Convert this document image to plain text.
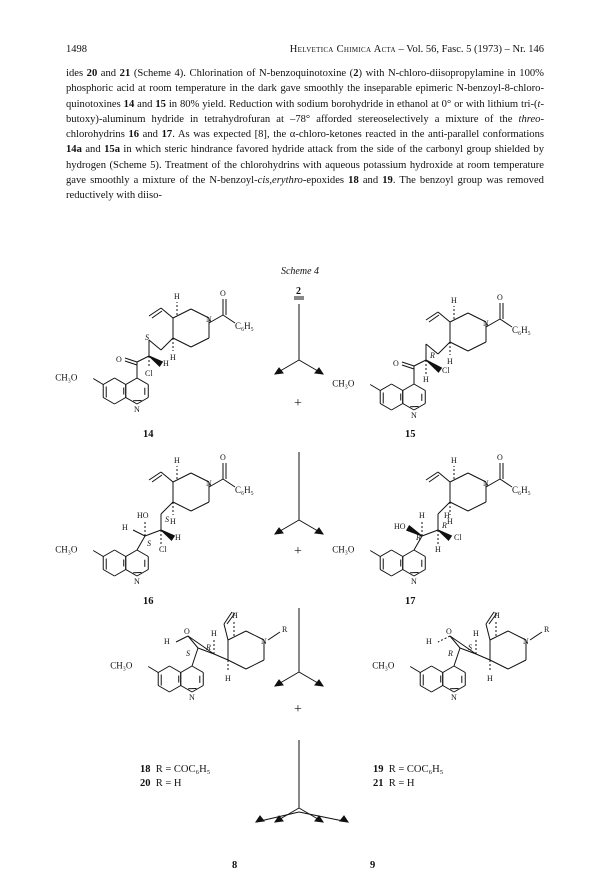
1498	Helvetica Chimica Acta – Vol. 56, Fasc. 5 (1973) – Nr. 146
ides 20 and 21 (Scheme 4). Chlorination of N-benzoquinotoxine (2) with N-chloro-diisopropylamine in 100% phosphoric acid at room temperature in the dark gave smoothly the inseparable epimeric N-benzoyl-8-chloro-quinotoxines 14 and 15 in 80% yield. Reduction with sodium borohydride in ethanol at 0° or with lithium tri-(t-butoxy)-aluminum hydride in tetrahydrofuran at –78° afforded stereoselectively a mixture of the threo-chlorohydrins 16 and 17. As was expected [8], the α-chloro-ketones reacted in the anti-parallel conformations 14a and 15a in which steric hindrance favored hydride attack from the side of the carbonyl group shielded by hydrogen (Scheme 5). Treatment of the chlorohydrins with aqueous potassium hydroxide at room temperature gave smoothly a mixture of the N-benzoyl-cis,erythro-epoxides 18 and 19. The benzoyl group was removed reductively with diiso-
Scheme 4
H
N
H
O
C₆H₅
S
O
Cl
H
N
CH₃O
H
N
H
O
C₆H₅
R
O
Cl
H
N
CH₃O
H
N
H
O
C₆H₅
S
H
Cl
S
HO
H
N
CH₃O
H
N
H
O
C₆H₅
R
H
Cl
H
R
H
HO
N
CH₃O
N
R
H
H
O
R
H
H
S
N
CH₃O
N
R
H
H
O
S
H
H
R
N
CH₃O
2
+
+
+
14	15
16	17
18 R = COC₆H₅
20 R = H
19 R = COC₆H₅
21 R = H
8	9
